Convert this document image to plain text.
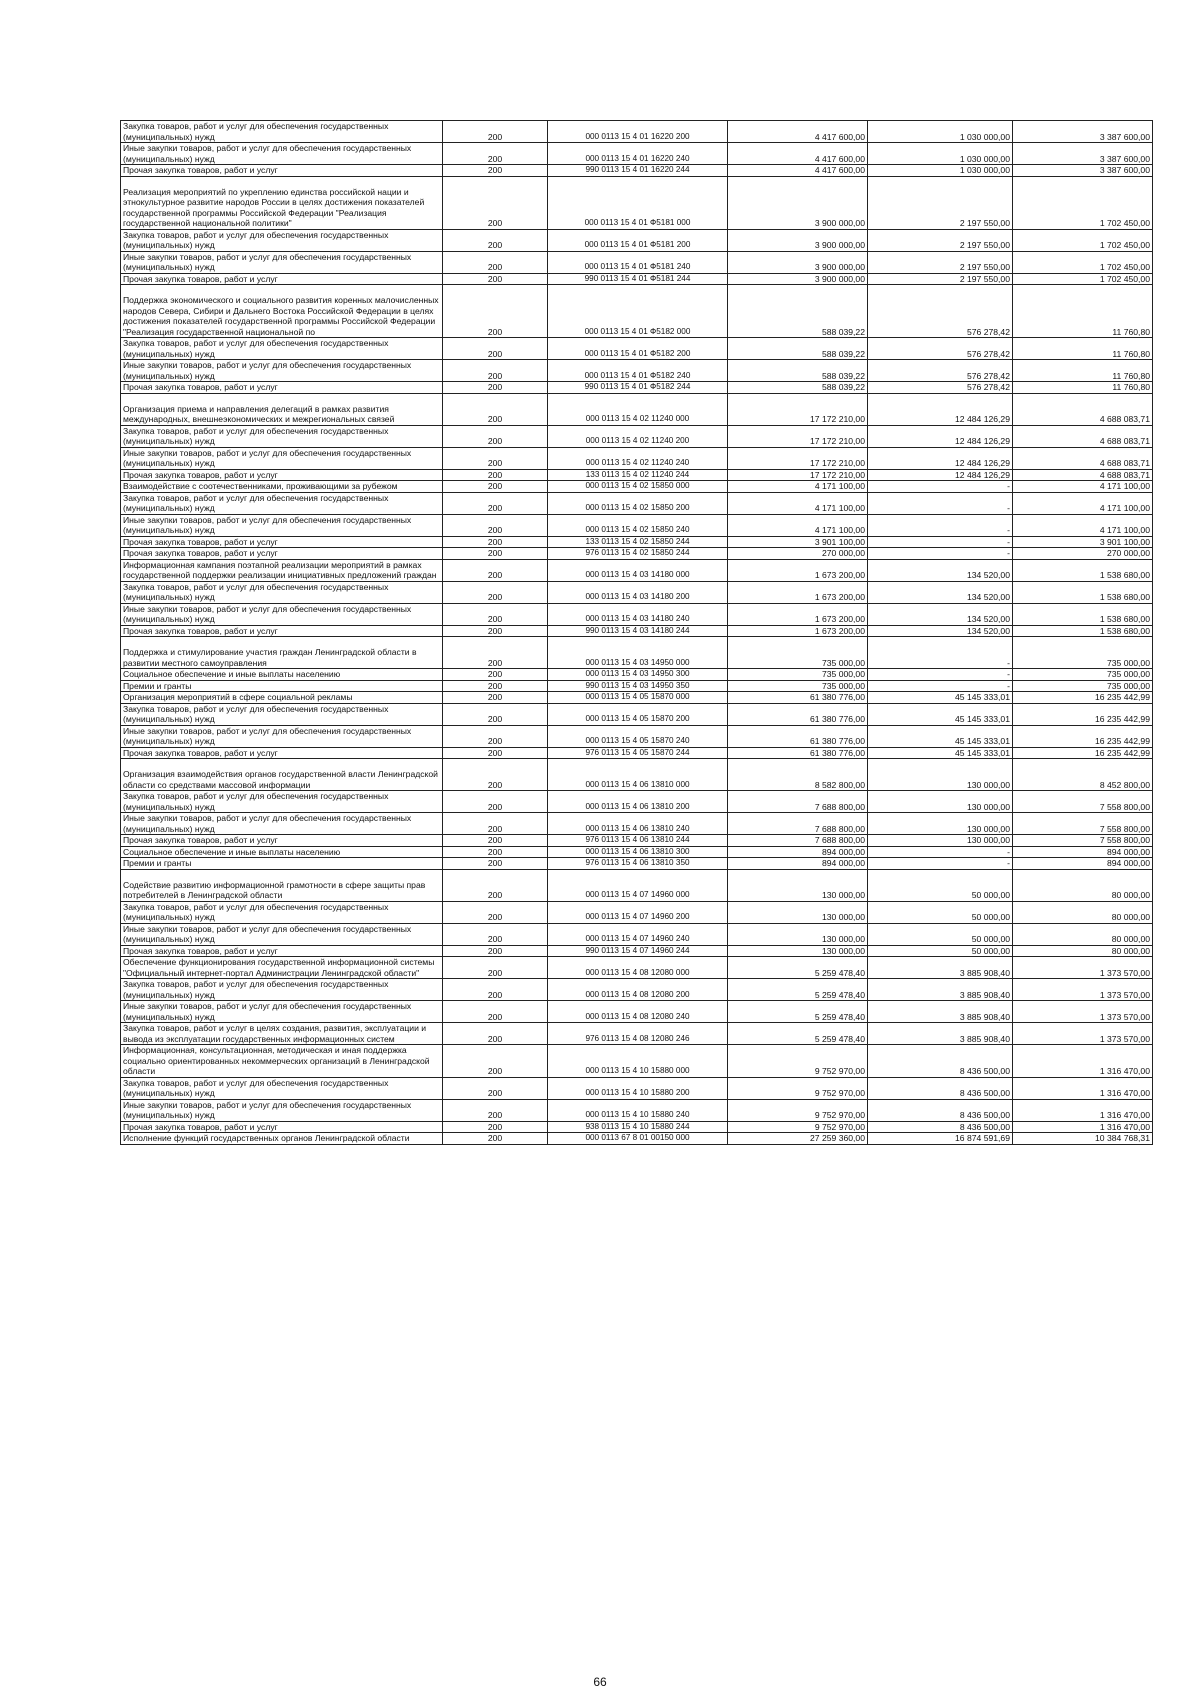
Закупка товаров, работ и услуг для обеспечения государственных (муниципальных) нужд	200	000 0113 15 4 01 16220 200	4 417 600,00	1 030 000,00	3 387 600,00
Иные закупки товаров, работ и услуг для обеспечения государственных (муниципальных) нужд	200	000 0113 15 4 01 16220 240	4 417 600,00	1 030 000,00	3 387 600,00
Прочая закупка товаров, работ и услуг	200	990 0113 15 4 01 16220 244	4 417 600,00	1 030 000,00	3 387 600,00
Реализация мероприятий по укреплению единства российской нации и этнокультурное развитие народов России в целях достижения показателей государственной программы Российской Федерации "Реализация государственной национальной политики"	200	000 0113 15 4 01 Ф5181 000	3 900 000,00	2 197 550,00	1 702 450,00
Закупка товаров, работ и услуг для обеспечения государственных (муниципальных) нужд	200	000 0113 15 4 01 Ф5181 200	3 900 000,00	2 197 550,00	1 702 450,00
Иные закупки товаров, работ и услуг для обеспечения государственных (муниципальных) нужд	200	000 0113 15 4 01 Ф5181 240	3 900 000,00	2 197 550,00	1 702 450,00
Прочая закупка товаров, работ и услуг	200	990 0113 15 4 01 Ф5181 244	3 900 000,00	2 197 550,00	1 702 450,00
Поддержка экономического и социального развития коренных малочисленных народов Севера, Сибири и Дальнего Востока Российской Федерации в целях достижения показателей государственной программы Российской Федерации "Реализация государственной национальной по	200	000 0113 15 4 01 Ф5182 000	588 039,22	576 278,42	11 760,80
Закупка товаров, работ и услуг для обеспечения государственных (муниципальных) нужд	200	000 0113 15 4 01 Ф5182 200	588 039,22	576 278,42	11 760,80
Иные закупки товаров, работ и услуг для обеспечения государственных (муниципальных) нужд	200	000 0113 15 4 01 Ф5182 240	588 039,22	576 278,42	11 760,80
Прочая закупка товаров, работ и услуг	200	990 0113 15 4 01 Ф5182 244	588 039,22	576 278,42	11 760,80
Организация приема и направления делегаций в рамках развития международных, внешнеэкономических и межрегиональных связей	200	000 0113 15 4 02 11240 000	17 172 210,00	12 484 126,29	4 688 083,71
Закупка товаров, работ и услуг для обеспечения государственных (муниципальных) нужд	200	000 0113 15 4 02 11240 200	17 172 210,00	12 484 126,29	4 688 083,71
Иные закупки товаров, работ и услуг для обеспечения государственных (муниципальных) нужд	200	000 0113 15 4 02 11240 240	17 172 210,00	12 484 126,29	4 688 083,71
Прочая закупка товаров, работ и услуг	200	133 0113 15 4 02 11240 244	17 172 210,00	12 484 126,29	4 688 083,71
Взаимодействие с соотечественниками, проживающими за рубежом	200	000 0113 15 4 02 15850 000	4 171 100,00	-	4 171 100,00
Закупка товаров, работ и услуг для обеспечения государственных (муниципальных) нужд	200	000 0113 15 4 02 15850 200	4 171 100,00	-	4 171 100,00
Иные закупки товаров, работ и услуг для обеспечения государственных (муниципальных) нужд	200	000 0113 15 4 02 15850 240	4 171 100,00	-	4 171 100,00
Прочая закупка товаров, работ и услуг	200	133 0113 15 4 02 15850 244	3 901 100,00	-	3 901 100,00
Прочая закупка товаров, работ и услуг	200	976 0113 15 4 02 15850 244	270 000,00	-	270 000,00
Информационная кампания поэтапной реализации мероприятий в рамках государственной поддержки реализации инициативных предложений граждан	200	000 0113 15 4 03 14180 000	1 673 200,00	134 520,00	1 538 680,00
Закупка товаров, работ и услуг для обеспечения государственных (муниципальных) нужд	200	000 0113 15 4 03 14180 200	1 673 200,00	134 520,00	1 538 680,00
Иные закупки товаров, работ и услуг для обеспечения государственных (муниципальных) нужд	200	000 0113 15 4 03 14180 240	1 673 200,00	134 520,00	1 538 680,00
Прочая закупка товаров, работ и услуг	200	990 0113 15 4 03 14180 244	1 673 200,00	134 520,00	1 538 680,00
Поддержка и стимулирование участия граждан Ленинградской области в развитии местного самоуправления	200	000 0113 15 4 03 14950 000	735 000,00	-	735 000,00
Социальное обеспечение и иные выплаты населению	200	000 0113 15 4 03 14950 300	735 000,00	-	735 000,00
Премии и гранты	200	990 0113 15 4 03 14950 350	735 000,00	-	735 000,00
Организация мероприятий в сфере социальной рекламы	200	000 0113 15 4 05 15870 000	61 380 776,00	45 145 333,01	16 235 442,99
Закупка товаров, работ и услуг для обеспечения государственных (муниципальных) нужд	200	000 0113 15 4 05 15870 200	61 380 776,00	45 145 333,01	16 235 442,99
Иные закупки товаров, работ и услуг для обеспечения государственных (муниципальных) нужд	200	000 0113 15 4 05 15870 240	61 380 776,00	45 145 333,01	16 235 442,99
Прочая закупка товаров, работ и услуг	200	976 0113 15 4 05 15870 244	61 380 776,00	45 145 333,01	16 235 442,99
Организация взаимодействия органов государственной власти Ленинградской области со средствами массовой информации	200	000 0113 15 4 06 13810 000	8 582 800,00	130 000,00	8 452 800,00
Закупка товаров, работ и услуг для обеспечения государственных (муниципальных) нужд	200	000 0113 15 4 06 13810 200	7 688 800,00	130 000,00	7 558 800,00
Иные закупки товаров, работ и услуг для обеспечения государственных (муниципальных) нужд	200	000 0113 15 4 06 13810 240	7 688 800,00	130 000,00	7 558 800,00
Прочая закупка товаров, работ и услуг	200	976 0113 15 4 06 13810 244	7 688 800,00	130 000,00	7 558 800,00
Социальное обеспечение и иные выплаты населению	200	000 0113 15 4 06 13810 300	894 000,00	-	894 000,00
Премии и гранты	200	976 0113 15 4 06 13810 350	894 000,00	-	894 000,00
Содействие развитию информационной грамотности в сфере защиты прав потребителей в Ленинградской области	200	000 0113 15 4 07 14960 000	130 000,00	50 000,00	80 000,00
Закупка товаров, работ и услуг для обеспечения государственных (муниципальных) нужд	200	000 0113 15 4 07 14960 200	130 000,00	50 000,00	80 000,00
Иные закупки товаров, работ и услуг для обеспечения государственных (муниципальных) нужд	200	000 0113 15 4 07 14960 240	130 000,00	50 000,00	80 000,00
Прочая закупка товаров, работ и услуг	200	990 0113 15 4 07 14960 244	130 000,00	50 000,00	80 000,00
Обеспечение функционирования государственной информационной системы "Официальный интернет-портал Администрации Ленинградской области"	200	000 0113 15 4 08 12080 000	5 259 478,40	3 885 908,40	1 373 570,00
Закупка товаров, работ и услуг для обеспечения государственных (муниципальных) нужд	200	000 0113 15 4 08 12080 200	5 259 478,40	3 885 908,40	1 373 570,00
Иные закупки товаров, работ и услуг для обеспечения государственных (муниципальных) нужд	200	000 0113 15 4 08 12080 240	5 259 478,40	3 885 908,40	1 373 570,00
Закупка товаров, работ и услуг в целях создания, развития, эксплуатации и вывода из эксплуатации государственных информационных систем	200	976 0113 15 4 08 12080 246	5 259 478,40	3 885 908,40	1 373 570,00
Информационная, консультационная, методическая и иная поддержка социально ориентированных некоммерческих организаций в Ленинградской области	200	000 0113 15 4 10 15880 000	9 752 970,00	8 436 500,00	1 316 470,00
Закупка товаров, работ и услуг для обеспечения государственных (муниципальных) нужд	200	000 0113 15 4 10 15880 200	9 752 970,00	8 436 500,00	1 316 470,00
Иные закупки товаров, работ и услуг для обеспечения государственных (муниципальных) нужд	200	000 0113 15 4 10 15880 240	9 752 970,00	8 436 500,00	1 316 470,00
Прочая закупка товаров, работ и услуг	200	938 0113 15 4 10 15880 244	9 752 970,00	8 436 500,00	1 316 470,00
Исполнение функций государственных органов Ленинградской области	200	000 0113 67 8 01 00150 000	27 259 360,00	16 874 591,69	10 384 768,31
66
